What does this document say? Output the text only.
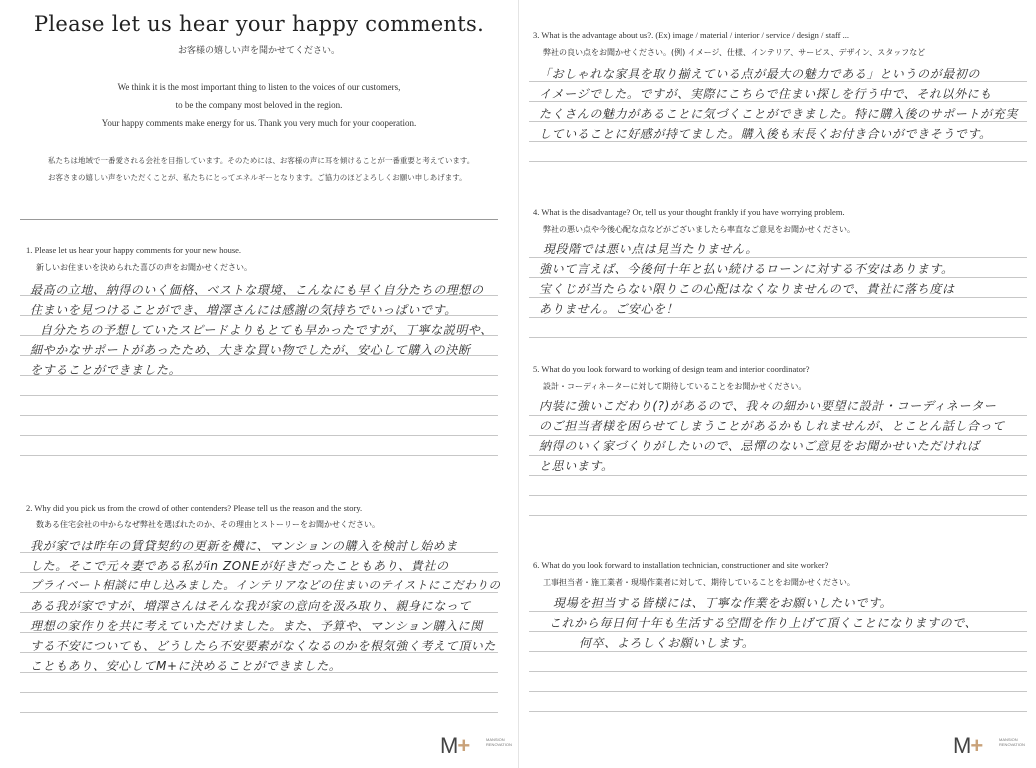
Please let us hear your happy comments.
お客様の嬉しい声を聞かせてください。
We think it is the most important thing to listen to the voices of our customers,
to be the company most beloved in the region.
Your happy comments make energy for us. Thank you very much for your cooperation.
私たちは地域で一番愛される会社を目指しています。そのためには、お客様の声に耳を傾けることが一番重要と考えています。
お客さまの嬉しい声をいただくことが、私たちにとってエネルギーとなります。ご協力のほどよろしくお願い申しあげます。
1. Please let us hear your happy comments for your new house.
新しいお住まいを決められた喜びの声をお聞かせください。
最高の立地、納得のいく価格、ベストな環境、こんなにも早く自分たちの理想の
住まいを見つけることができ、増澤さんには感謝の気持ちでいっぱいです。
自分たちの予想していたスピードよりもとても早かったですが、丁寧な説明や、
細やかなサポートがあったため、大きな買い物でしたが、安心して購入の決断
をすることができました。
2. Why did you pick us from the crowd of other contenders? Please tell us the reason and the story.
数ある住宅会社の中からなぜ弊社を選ばれたのか、その理由とストーリーをお聞かせください。
我が家では昨年の賃貸契約の更新を機に、マンションの購入を検討し始めま
した。そこで元々妻である私がin ZONEが好きだったこともあり、貴社の
プライベート相談に申し込みました。インテリアなどの住まいのテイストにこだわりの
ある我が家ですが、増澤さんはそんな我が家の意向を汲み取り、親身になって
理想の家作りを共に考えていただけました。また、予算や、マンション購入に関
する不安についても、どうしたら不安要素がなくなるのかを根気強く考えて頂いた
こともあり、安心してM+に決めることができました。
M+	MANSION RENOVATION
3. What is the advantage about us?. (Ex) image / material / interior / service / design / staff ...
弊社の良い点をお聞かせください。(例) イメージ、仕様、インテリア、サービス、デザイン、スタッフなど
「おしゃれな家具を取り揃えている点が最大の魅力である」というのが最初の
イメージでした。ですが、実際にこちらで住まい探しを行う中で、それ以外にも
たくさんの魅力があることに気づくことができました。特に購入後のサポートが充実
していることに好感が持てました。購入後も末長くお付き合いができそうです。
4. What is the disadvantage? Or, tell us your thought frankly if you have worrying problem.
弊社の悪い点や今後心配な点などがございましたら率直なご意見をお聞かせください。
現段階では悪い点は見当たりません。
強いて言えば、今後何十年と払い続けるローンに対する不安はあります。
宝くじが当たらない限りこの心配はなくなりませんので、貴社に落ち度は
ありません。ご安心を！
5. What do you look forward to working of design team and interior coordinator?
設計・コーディネーターに対して期待していることをお聞かせください。
内装に強いこだわり(?)があるので、我々の細かい要望に設計・コーディネーター
のご担当者様を困らせてしまうことがあるかもしれませんが、とことん話し合って
納得のいく家づくりがしたいので、忌憚のないご意見をお聞かせいただければ
と思います。
6. What do you look forward to installation technician, constructioner and site worker?
工事担当者・施工業者・現場作業者に対して、期待していることをお聞かせください。
現場を担当する皆様には、丁寧な作業をお願いしたいです。
これから毎日何十年も生活する空間を作り上げて頂くことになりますので、
何卒、よろしくお願いします。
M+	MANSION RENOVATION
